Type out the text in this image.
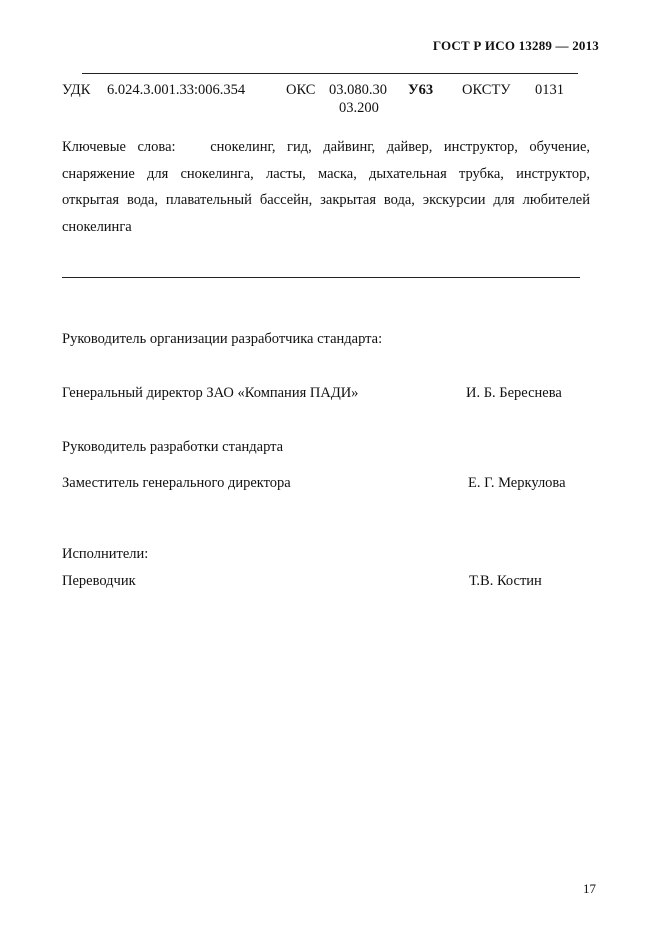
ГОСТ Р ИСО 13289 — 2013
УДК 6.024.3.001.33:006.354	ОКС 03.080.30
03.200
У63 ОКСТУ 0131
Ключевые слова: снокелинг, гид, дайвинг, дайвер, инструктор, обучение, снаряжение для снокелинга, ласты, маска, дыхательная трубка, инструктор, открытая вода, плавательный бассейн, закрытая вода, экскурсии для любителей снокелинга
Руководитель организации разработчика стандарта:
Генеральный директор ЗАО «Компания ПАДИ»	И. Б. Береснева
Руководитель разработки стандарта
Заместитель генерального директора	Е. Г. Меркулова
Исполнители:
Переводчик	Т.В. Костин
17
